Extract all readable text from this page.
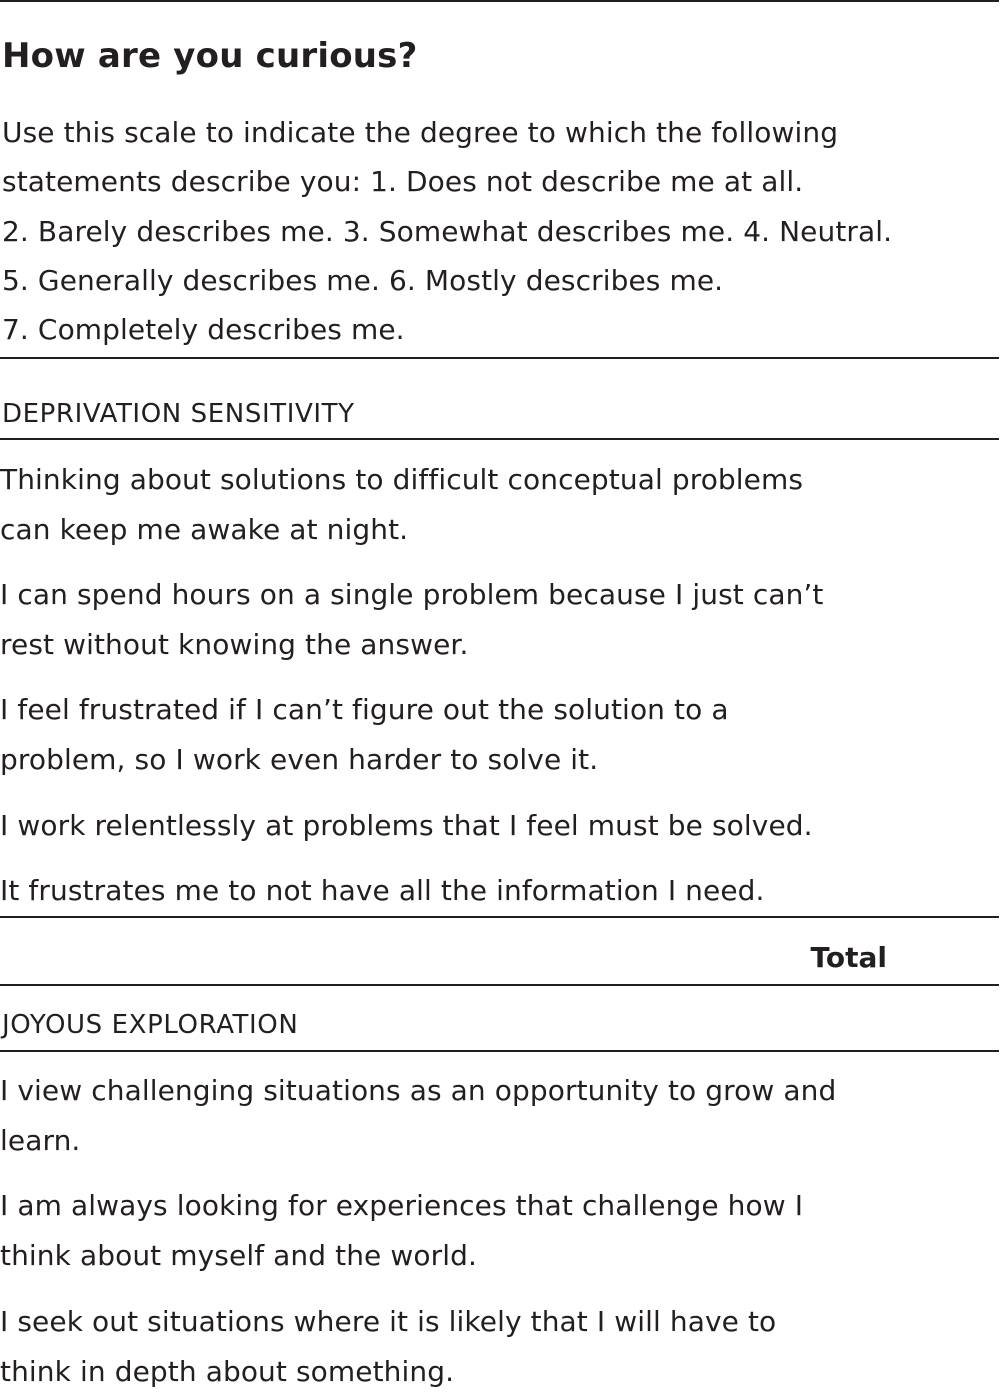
How are you curious?

Use this scale to indicate the degree to which the following
statements describe you: 1. Does not describe me at all.
2. Barely describes me. 3. Somewhat describes me. 4. Neutral.
5. Generally describes me. 6. Mostly describes me.
7. Completely describes me.

DEPRIVATION SENSITIVITY

Thinking about solutions to difficult conceptual problems
can keep me awake at night.

I can spend hours on a single problem because I just can’t
rest without knowing the answer.

I feel frustrated if I can’t figure out the solution to a
problem, so I work even harder to solve it.

I work relentlessly at problems that I feel must be solved.

It frustrates me to not have all the information I need.

Total

JOYOUS EXPLORATION

I view challenging situations as an opportunity to grow and
learn.

I am always looking for experiences that challenge how I
think about myself and the world.

I seek out situations where it is likely that I will have to
think in depth about something.
